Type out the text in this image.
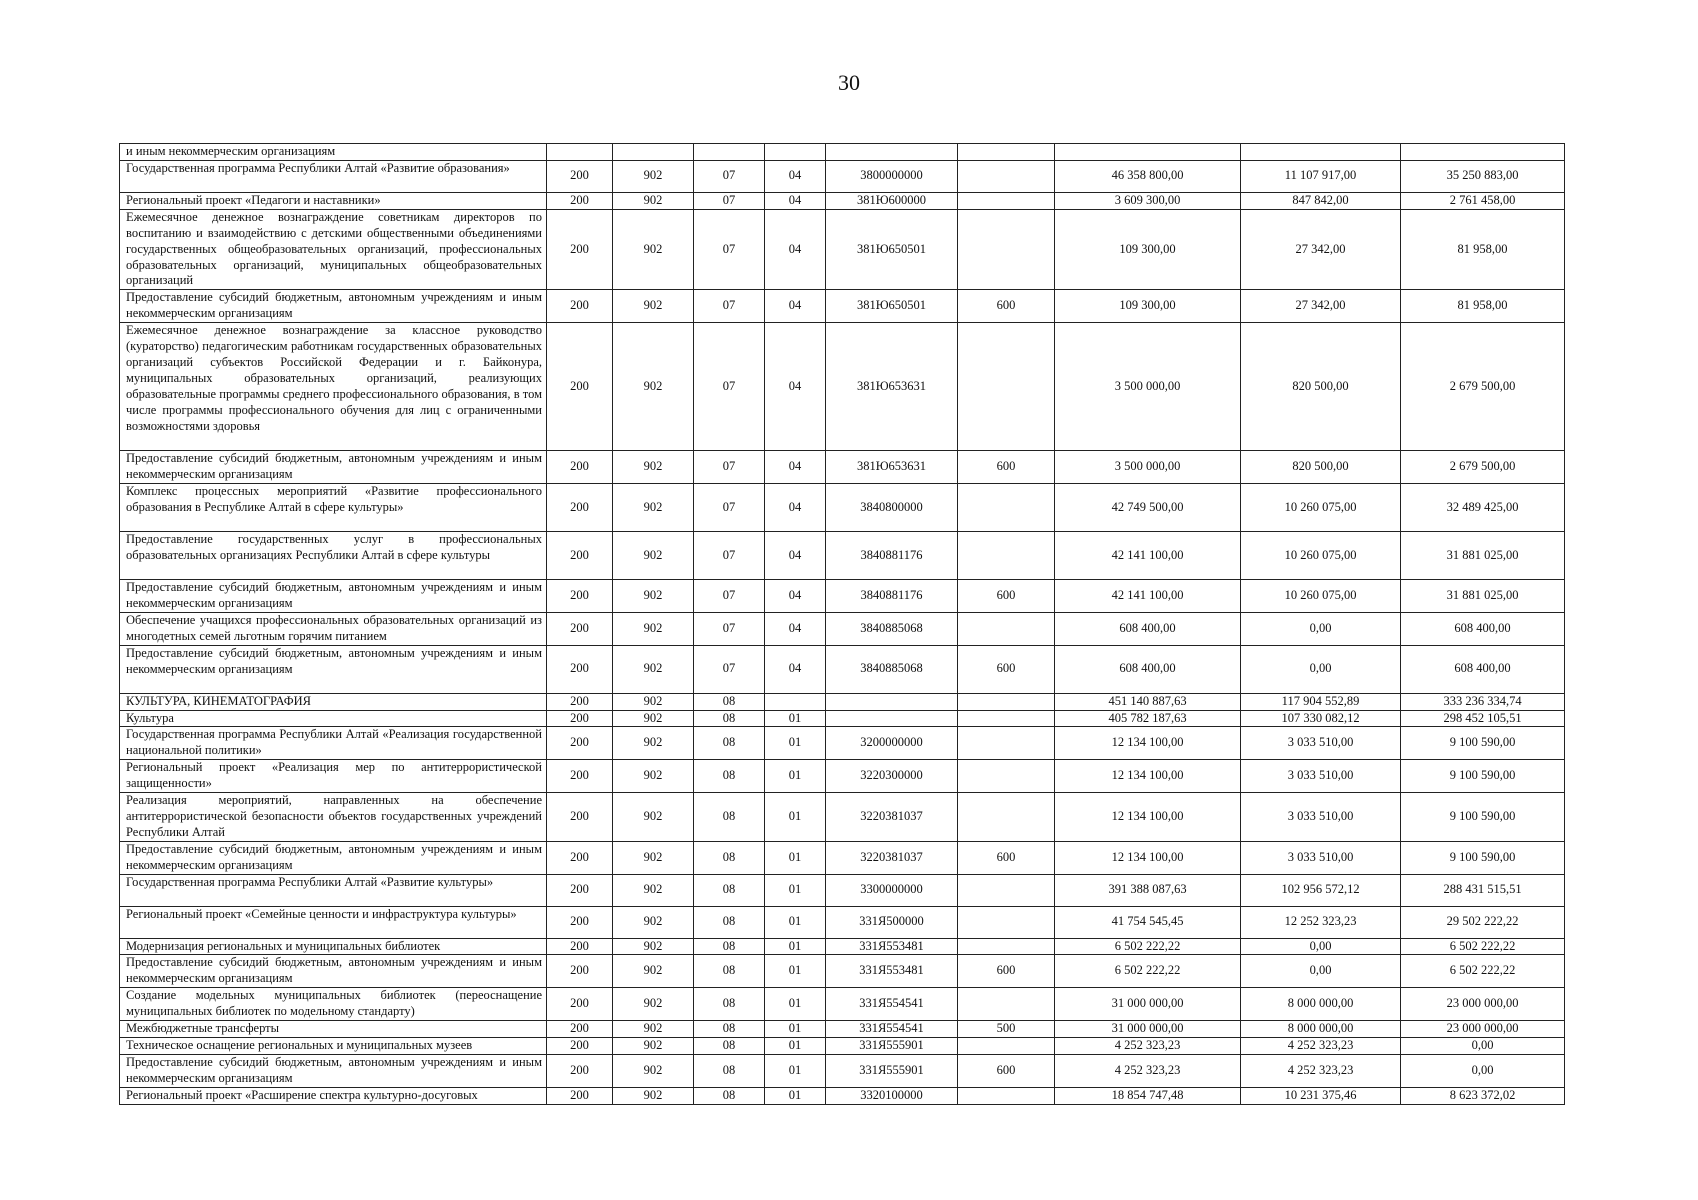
30
и иным некоммерческим организациям									
Государственная программа Республики Алтай «Развитие образования»	200	902	07	04	3800000000		46 358 800,00	11 107 917,00	35 250 883,00
Региональный проект «Педагоги и наставники»	200	902	07	04	381Ю600000		3 609 300,00	847 842,00	2 761 458,00
Ежемесячное денежное вознаграждение советникам директоров по воспитанию и взаимодействию с детскими общественными объединениями государственных общеобразовательных организаций, профессиональных образовательных организаций, муниципальных общеобразовательных организаций	200	902	07	04	381Ю650501		109 300,00	27 342,00	81 958,00
Предоставление субсидий бюджетным, автономным учреждениям и иным некоммерческим организациям	200	902	07	04	381Ю650501	600	109 300,00	27 342,00	81 958,00
Ежемесячное денежное вознаграждение за классное руководство (кураторство) педагогическим работникам государственных образовательных организаций субъектов Российской Федерации и г. Байконура, муниципальных образовательных организаций, реализующих образовательные программы среднего профессионального образования, в том числе программы профессионального обучения для лиц с ограниченными возможностями здоровья	200	902	07	04	381Ю653631		3 500 000,00	820 500,00	2 679 500,00
Предоставление субсидий бюджетным, автономным учреждениям и иным некоммерческим организациям	200	902	07	04	381Ю653631	600	3 500 000,00	820 500,00	2 679 500,00
Комплекс процессных мероприятий «Развитие профессионального образования в Республике Алтай в сфере культуры»	200	902	07	04	3840800000		42 749 500,00	10 260 075,00	32 489 425,00
Предоставление государственных услуг в профессиональных образовательных организациях Республики Алтай в сфере культуры	200	902	07	04	3840881176		42 141 100,00	10 260 075,00	31 881 025,00
Предоставление субсидий бюджетным, автономным учреждениям и иным некоммерческим организациям	200	902	07	04	3840881176	600	42 141 100,00	10 260 075,00	31 881 025,00
Обеспечение учащихся профессиональных образовательных организаций из многодетных семей льготным горячим питанием	200	902	07	04	3840885068		608 400,00	0,00	608 400,00
Предоставление субсидий бюджетным, автономным учреждениям и иным некоммерческим организациям	200	902	07	04	3840885068	600	608 400,00	0,00	608 400,00
КУЛЬТУРА, КИНЕМАТОГРАФИЯ	200	902	08				451 140 887,63	117 904 552,89	333 236 334,74
Культура	200	902	08	01			405 782 187,63	107 330 082,12	298 452 105,51
Государственная программа Республики Алтай «Реализация государственной национальной политики»	200	902	08	01	3200000000		12 134 100,00	3 033 510,00	9 100 590,00
Региональный проект «Реализация мер по антитеррористической защищенности»	200	902	08	01	3220300000		12 134 100,00	3 033 510,00	9 100 590,00
Реализация мероприятий, направленных на обеспечение антитеррористической безопасности объектов государственных учреждений Республики Алтай	200	902	08	01	3220381037		12 134 100,00	3 033 510,00	9 100 590,00
Предоставление субсидий бюджетным, автономным учреждениям и иным некоммерческим организациям	200	902	08	01	3220381037	600	12 134 100,00	3 033 510,00	9 100 590,00
Государственная программа Республики Алтай «Развитие культуры»	200	902	08	01	3300000000		391 388 087,63	102 956 572,12	288 431 515,51
Региональный проект «Семейные ценности и инфраструктура культуры»	200	902	08	01	331Я500000		41 754 545,45	12 252 323,23	29 502 222,22
Модернизация региональных и муниципальных библиотек	200	902	08	01	331Я553481		6 502 222,22	0,00	6 502 222,22
Предоставление субсидий бюджетным, автономным учреждениям и иным некоммерческим организациям	200	902	08	01	331Я553481	600	6 502 222,22	0,00	6 502 222,22
Создание модельных муниципальных библиотек (переоснащение муниципальных библиотек по модельному стандарту)	200	902	08	01	331Я554541		31 000 000,00	8 000 000,00	23 000 000,00
Межбюджетные трансферты	200	902	08	01	331Я554541	500	31 000 000,00	8 000 000,00	23 000 000,00
Техническое оснащение региональных и муниципальных музеев	200	902	08	01	331Я555901		4 252 323,23	4 252 323,23	0,00
Предоставление субсидий бюджетным, автономным учреждениям и иным некоммерческим организациям	200	902	08	01	331Я555901	600	4 252 323,23	4 252 323,23	0,00
Региональный проект «Расширение спектра культурно-досуговых	200	902	08	01	3320100000		18 854 747,48	10 231 375,46	8 623 372,02
